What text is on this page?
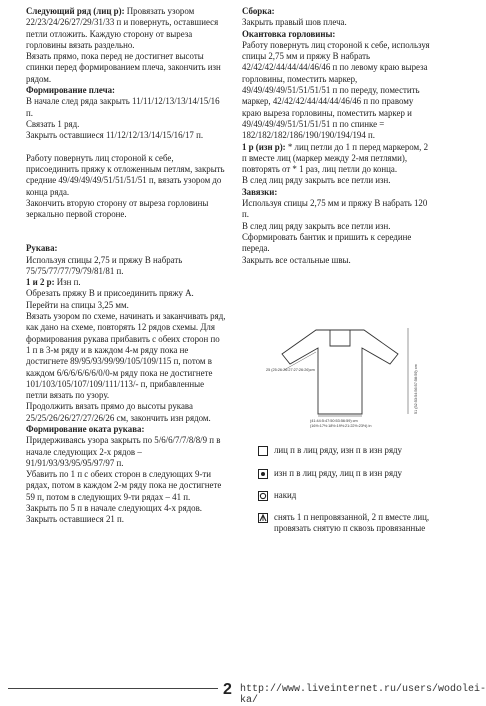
Следующий ряд (лиц р): Провязать узором 22/23/24/26/27/29/31/33 п и повернуть, оставшиеся петли отложить. Каждую сторону от выреза горловины вязать раздельно.

Вязать прямо, пока перед не достигнет высоты спинки перед формированием плеча, закончить изн рядом.

Формирование плеча:

В начале след ряда закрыть 11/11/12/13/13/14/15/16 п.

Связать 1 ряд.

Закрыть оставшиеся 11/12/12/13/14/15/16/17 п.

Работу повернуть лиц стороной к себе, присоединить пряжу к отложенным петлям, закрыть средние 49/49/49/49/51/51/51/51 п, вязать узором до конца ряда.

Закончить вторую сторону от выреза горловины зеркально первой стороне.

Рукава:

Используя спицы 2,75 и пряжу В набрать 75/75/77/77/79/79/81/81 п.

1 и 2 р: Изн п.

Обрезать пряжу В и присоединить пряжу А. Перейти на спицы 3,25 мм.

Вязать узором по схеме, начинать и заканчивать ряд, как дано на схеме, повторять 12 рядов схемы. Для формирования рукава прибавить с обеих сторон по 1 п в 3-м ряду и в каждом 4-м ряду пока не достигнете 89/95/93/99/99/105/109/115 п, потом в каждом 6/6/6/6/6/6/0/0-м ряду пока не достигнете 101/103/105/107/109/111/113/- п, прибавленные петли вязать по узору.

Продолжить вязать прямо до высоты рукава 25/25/26/26/27/27/26/26 см, закончить изн рядом.

Формирование оката рукава:

Придерживаясь узора закрыть по 5/6/6/7/7/8/8/9 п в начале следующих 2-х рядов – 91/91/93/93/95/95/97/97 п.

Убавить по 1 п с обеих сторон в следующих 9-ти рядах, потом в каждом 2-м ряду пока не достигнете 59 п, потом в следующих 9-ти рядах – 41 п.

Закрыть по 5 п в начале следующих 4-х рядов.

Закрыть оставшиеся 21 п.

Сборка:

Закрыть правый шов плеча.

Окантовка горловины:

Работу повернуть лиц стороной к себе, используя спицы 2,75 мм и пряжу В набрать 42/42/42/44/44/44/46/46 п по левому краю выреза горловины, поместить маркер, 49/49/49/49/51/51/51/51 п по переду, поместить маркер, 42/42/42/44/44/44/46/46 п по правому краю выреза горловины, поместить маркер и 49/49/49/49/51/51/51/51 п по спинке = 182/182/182/186/190/190/194/194 п.

1 р (изн р): * лиц петли до 1 п перед маркером, 2 п вместе лиц (маркер между 2-мя петлями), повторять от * 1 раз, лиц петли до конца.

В след лиц ряду закрыть все петли изн.

Завязки:

Используя спицы 2,75 мм и пряжу В набрать 120 п.

В след лиц ряду закрыть все петли изн.

Сформировать бантик и пришить к середине переда.

Закрыть все остальные швы.

25 (25:26:26:27:27:26:26)cm
(41:44:5:47:50:53:56:59) cm
(16½:17½:18½:19½:21:22½:23½) in
51 (52:53:54:56:57:58:59) cm
лиц п в лиц ряду, изн п в изн ряду
изн п в лиц ряду, лиц п в изн ряду
накид
снять 1 п непровязанной, 2 п вместе лиц, провязать снятую п сквозь провязанные
2 http://www.liveinternet.ru/users/wodolei-ka/
